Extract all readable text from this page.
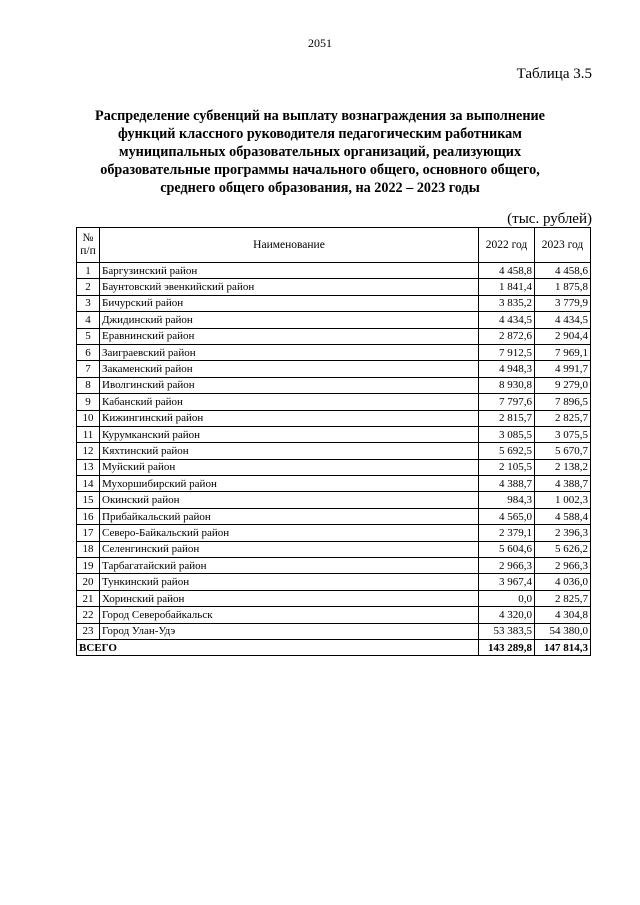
2051
Таблица 3.5
Распределение субвенций на выплату вознаграждения за выполнение
функций классного руководителя педагогическим работникам
муниципальных образовательных организаций, реализующих
образовательные программы начального общего, основного общего,
среднего общего образования, на 2022 – 2023 годы
(тыс. рублей)
№
п/п	Наименование	2022 год	2023 год
1	Баргузинский район	4 458,8	4 458,6
2	Баунтовский эвенкийский район	1 841,4	1 875,8
3	Бичурский район	3 835,2	3 779,9
4	Джидинский район	4 434,5	4 434,5
5	Еравнинский район	2 872,6	2 904,4
6	Заиграевский район	7 912,5	7 969,1
7	Закаменский район	4 948,3	4 991,7
8	Иволгинский район	8 930,8	9 279,0
9	Кабанский район	7 797,6	7 896,5
10	Кижингинский район	2 815,7	2 825,7
11	Курумканский район	3 085,5	3 075,5
12	Кяхтинский район	5 692,5	5 670,7
13	Муйский район	2 105,5	2 138,2
14	Мухоршибирский район	4 388,7	4 388,7
15	Окинский район	984,3	1 002,3
16	Прибайкальский район	4 565,0	4 588,4
17	Северо-Байкальский район	2 379,1	2 396,3
18	Селенгинский район	5 604,6	5 626,2
19	Тарбагатайский район	2 966,3	2 966,3
20	Тункинский район	3 967,4	4 036,0
21	Хоринский район	0,0	2 825,7
22	Город Северобайкальск	4 320,0	4 304,8
23	Город Улан-Удэ	53 383,5	54 380,0
ВСЕГО		143 289,8	147 814,3
